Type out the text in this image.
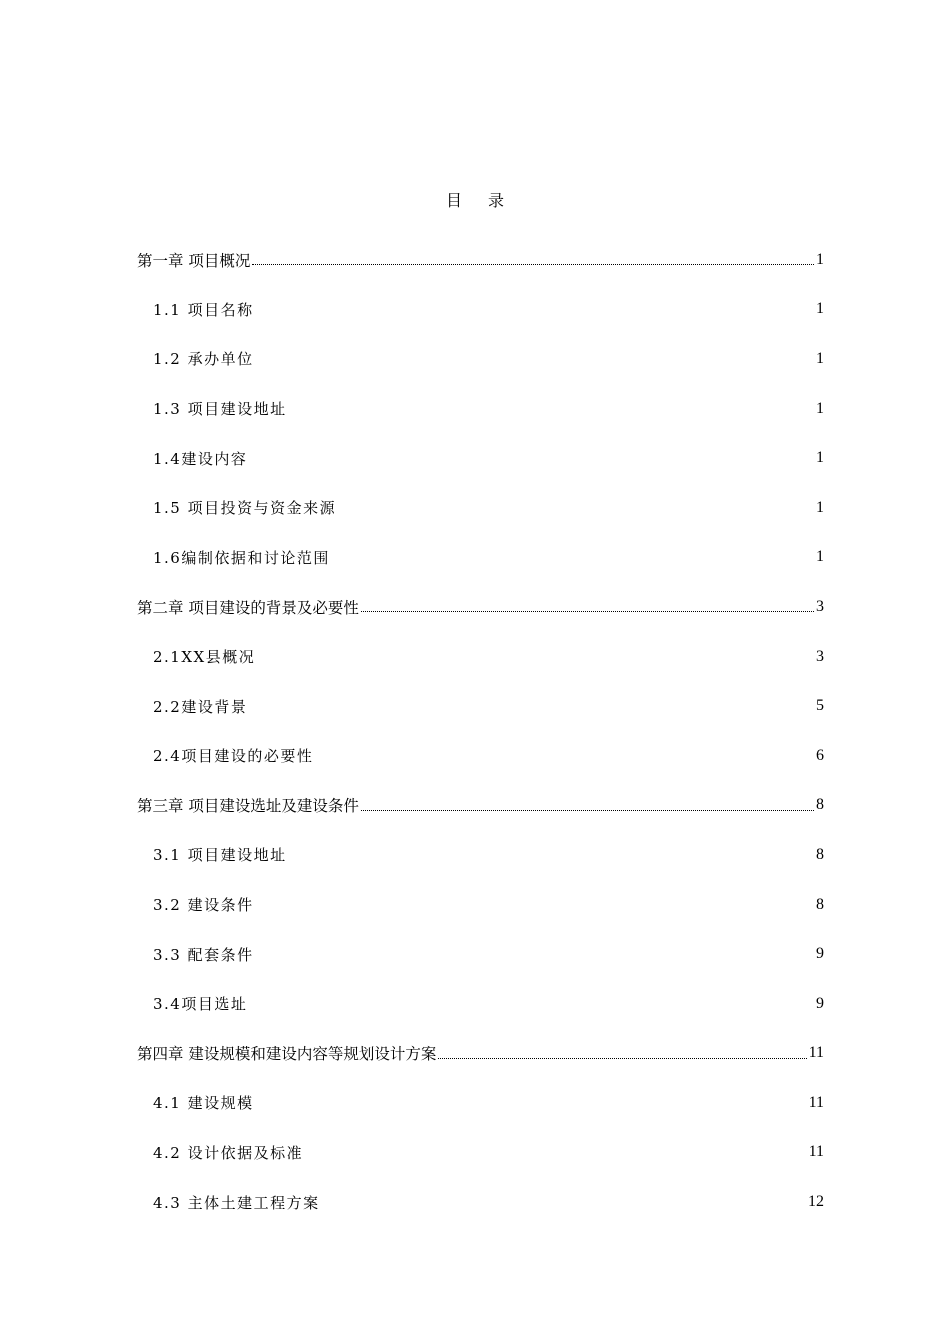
目录
第一章 项目概况	1
1.1 项目名称	1
1.2 承办单位	1
1.3 项目建设地址	1
1.4建设内容	1
1.5 项目投资与资金来源	1
1.6编制依据和讨论范围	1
第二章 项目建设的背景及必要性	3
2.1XX县概况	3
2.2建设背景	5
2.4项目建设的必要性	6
第三章 项目建设选址及建设条件	8
3.1 项目建设地址	8
3.2 建设条件	8
3.3 配套条件	9
3.4项目选址	9
第四章 建设规模和建设内容等规划设计方案	11
4.1 建设规模	11
4.2 设计依据及标准	11
4.3 主体土建工程方案	12
